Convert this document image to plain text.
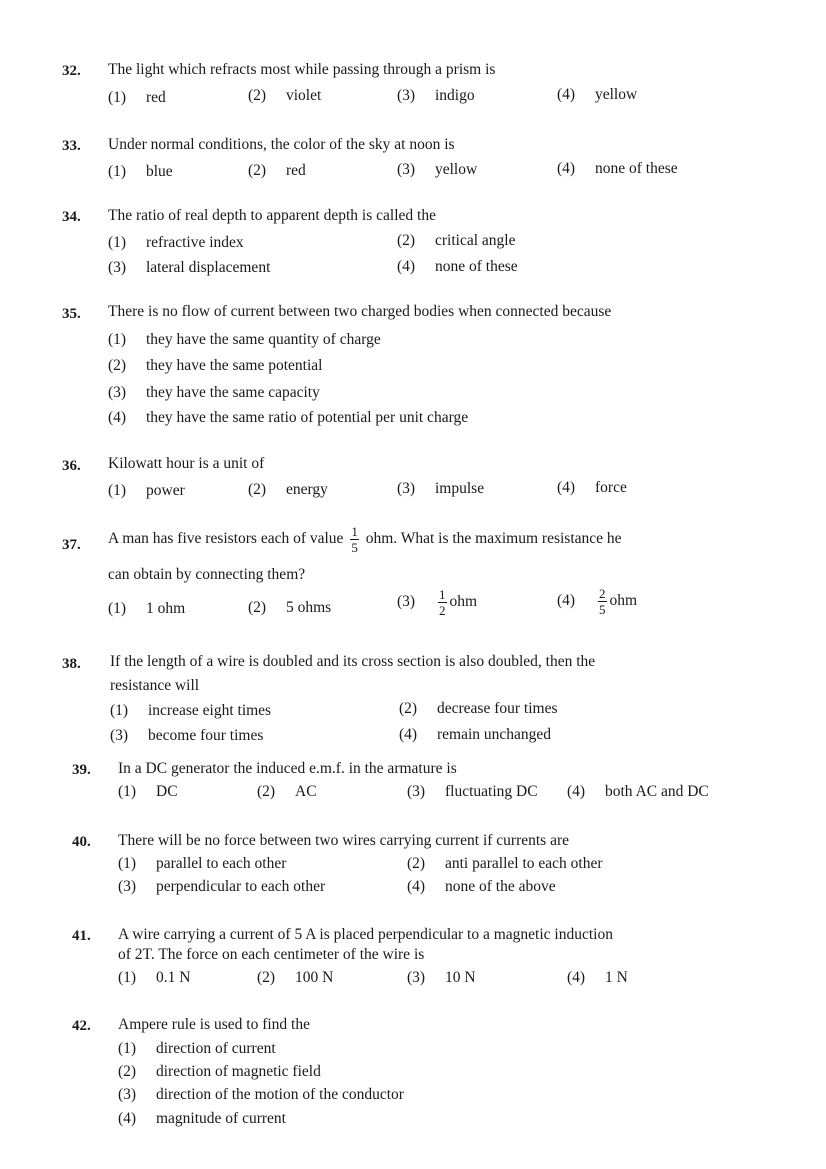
32. The light which refracts most while passing through a prism is
(1) red	(2) violet	(3) indigo	(4) yellow
33. Under normal conditions, the color of the sky at noon is
(1) blue	(2) red	(3) yellow	(4) none of these
34. The ratio of real depth to apparent depth is called the
(1) refractive index	(2) critical angle
(3) lateral displacement	(4) none of these
35. There is no flow of current between two charged bodies when connected because
(1) they have the same quantity of charge
(2) they have the same potential
(3) they have the same capacity
(4) they have the same ratio of potential per unit charge
36. Kilowatt hour is a unit of
(1) power	(2) energy	(3) impulse	(4) force
37. A man has five resistors each of value $\frac{1}{5}$ ohm. What is the maximum resistance he
can obtain by connecting them?
(1) 1 ohm	(2) 5 ohms	$(3) \frac{1}{2}$ ohm	$(4) \frac{2}{5}$ ohm
38. If the length of a wire is doubled and its cross section is also doubled, then the
resistance will
(1) increase eight times	(2) decrease four times
(3) become four times	(4) remain unchanged
39. In a DC generator the induced e.m.f. in the armature is
(1) DC	(2) AC	(3) fluctuating DC (4) both AC and DC
40. There will be no force between two wires carrying current if currents are
(1) parallel to each other	(2) anti parallel to each other
(3) perpendicular to each other	(4) none of the above
41. A wire carrying a current of 5 A is placed perpendicular to a magnetic induction
of 2T. The force on each centimeter of the wire is
(1) 0.1 N	(2) 100 N	(3) 10 N	(4) 1 N
42. Ampere rule is used to find the
(1) direction of current
(2) direction of magnetic field
(3) direction of the motion of the conductor
(4) magnitude of current
